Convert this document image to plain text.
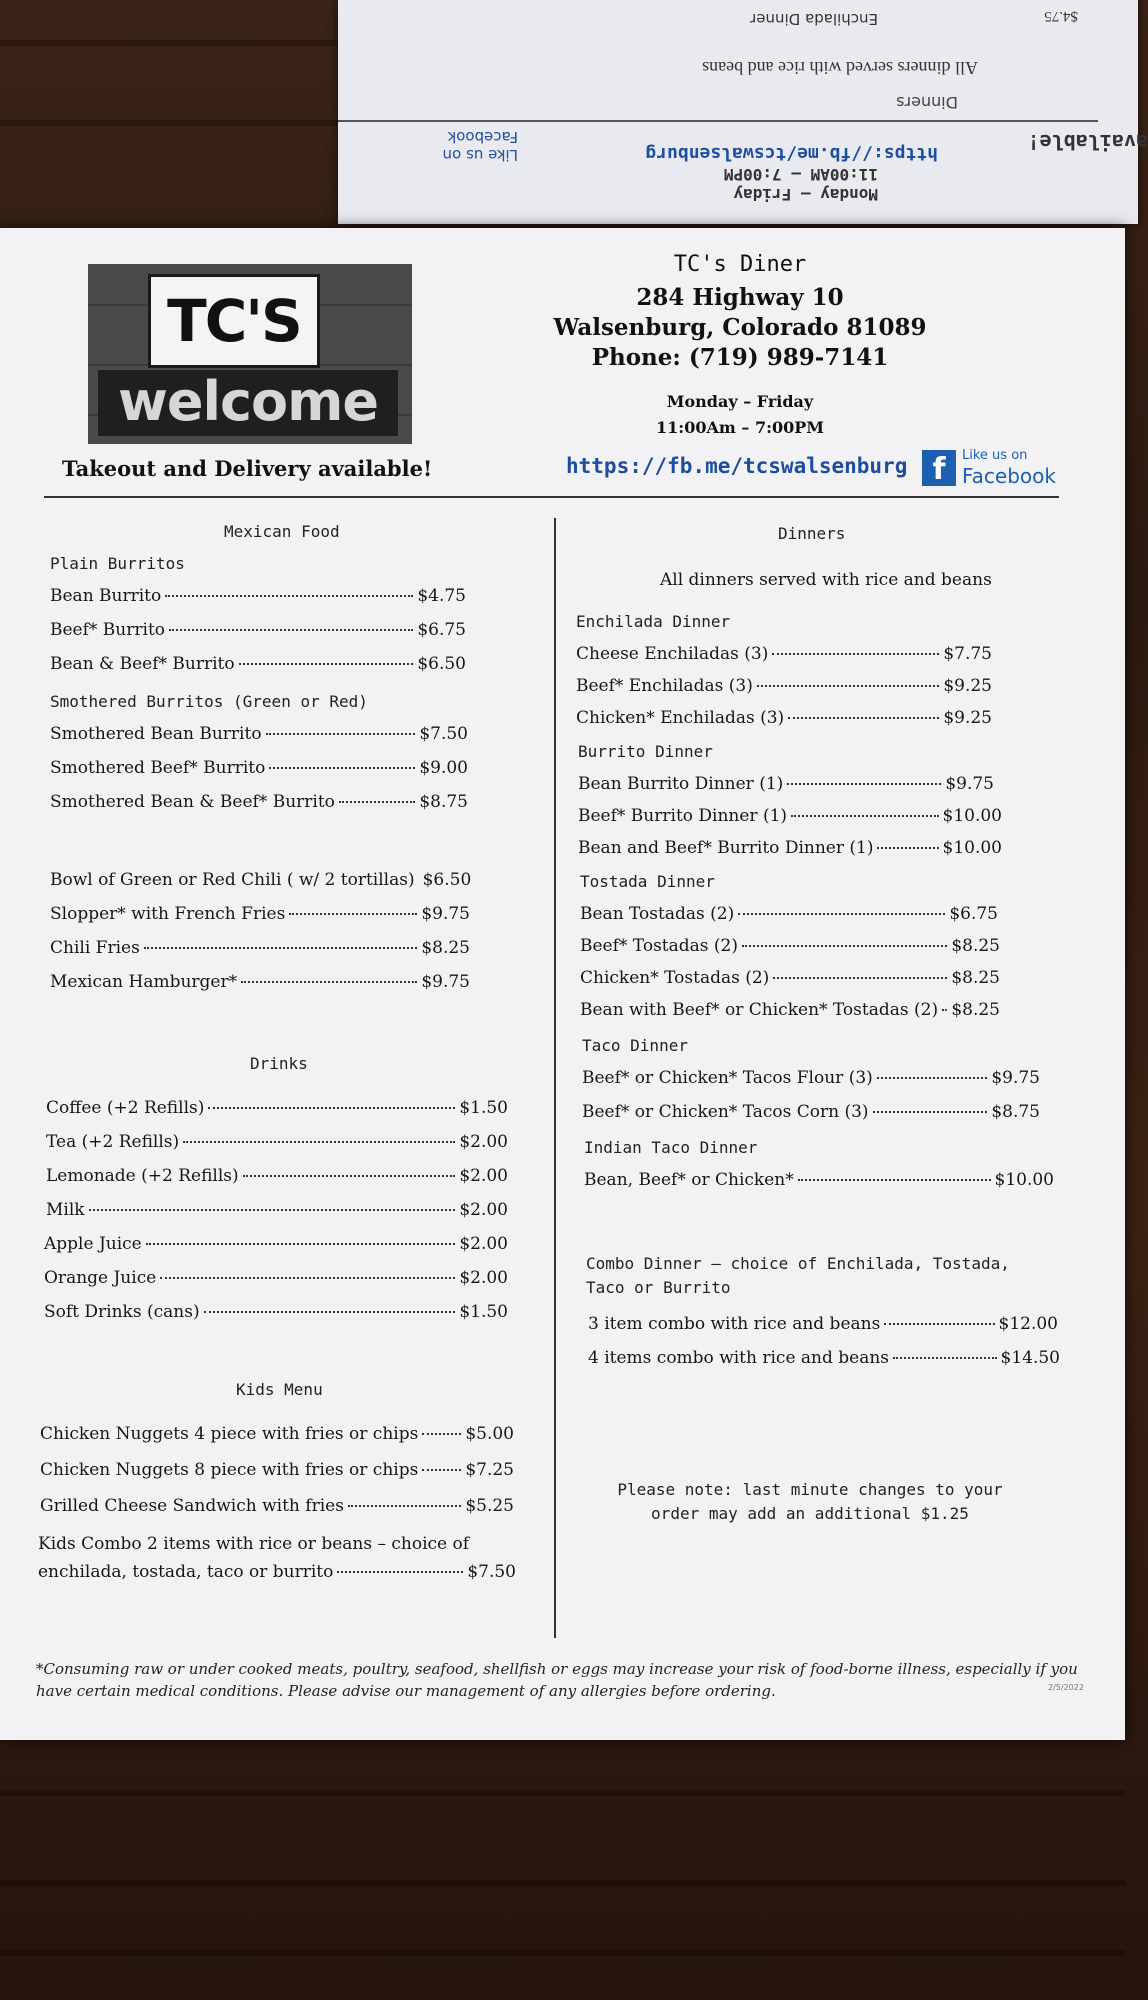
Monday – Friday
11:00AM – 7:00PM
https://fb.me/tcswalsenburg
Like us on
Facebook	available!
Dinners
All dinners served with rice and beans
Enchilada Dinner	$4.75
TC'S
welcome
Takeout and Delivery available!
TC's Diner
284 Highway 10
Walsenburg, Colorado 81089
Phone: (719) 989-7141
Monday – Friday
11:00Am – 7:00PM
https://fb.me/tcswalsenburg f	Like us on
Facebook
Mexican Food
Plain Burritos
Bean Burrito	$4.75
Beef* Burrito	$6.75
Bean & Beef* Burrito	$6.50
Smothered Burritos (Green or Red)
Smothered Bean Burrito	$7.50
Smothered Beef* Burrito	$9.00
Smothered Bean & Beef* Burrito	$8.75
Bowl of Green or Red Chili ( w/ 2 tortillas) $6.50
Slopper* with French Fries	$9.75
Chili Fries	$8.25
Mexican Hamburger*	$9.75
Drinks
Coffee (+2 Refills)	$1.50
Tea (+2 Refills)	$2.00
Lemonade (+2 Refills)	$2.00
Milk	$2.00
Apple Juice	$2.00
Orange Juice	$2.00
Soft Drinks (cans)	$1.50
Kids Menu
Chicken Nuggets 4 piece with fries or chips	$5.00
Chicken Nuggets 8 piece with fries or chips	$7.25
Grilled Cheese Sandwich with fries	$5.25
Kids Combo 2 items with rice or beans – choice of
enchilada, tostada, taco or burrito	$7.50
Dinners
All dinners served with rice and beans
Enchilada Dinner
Cheese Enchiladas (3)	$7.75
Beef* Enchiladas (3)	$9.25
Chicken* Enchiladas (3)	$9.25
Burrito Dinner
Bean Burrito Dinner (1)	$9.75
Beef* Burrito Dinner (1)	$10.00
Bean and Beef* Burrito Dinner (1)	$10.00
Tostada Dinner
Bean Tostadas (2)	$6.75
Beef* Tostadas (2)	$8.25
Chicken* Tostadas (2)	$8.25
Bean with Beef* or Chicken* Tostadas (2) $8.25
Taco Dinner
Beef* or Chicken* Tacos Flour (3)	$9.75
Beef* or Chicken* Tacos Corn (3)	$8.75
Indian Taco Dinner
Bean, Beef* or Chicken*	$10.00
Combo Dinner – choice of Enchilada, Tostada,
Taco or Burrito
3 item combo with rice and beans	$12.00
4 items combo with rice and beans	$14.50
Please note: last minute changes to your
order may add an additional $1.25
*Consuming raw or under cooked meats, poultry, seafood, shellfish or eggs may increase your risk of food-borne illness, especially if you have certain medical conditions. Please advise our management of any allergies before ordering.	2/5/2022
